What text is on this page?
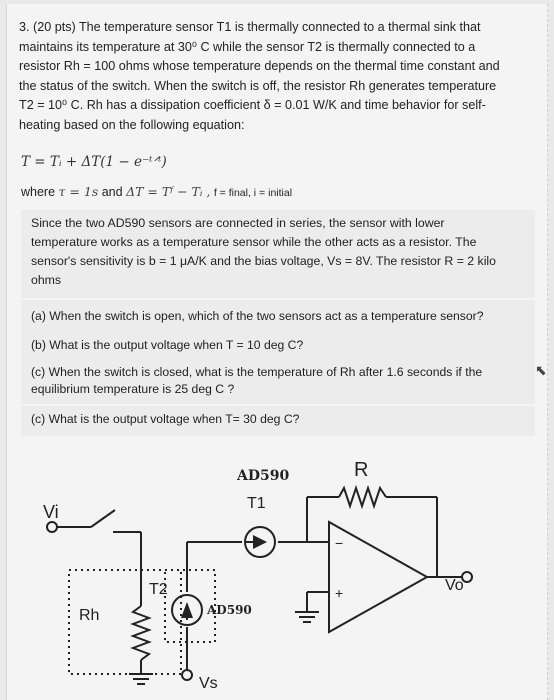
3. (20 pts) The temperature sensor T1 is thermally connected to a thermal sink that
maintains its temperature at 30⁰ C while the sensor T2 is thermally connected to a
resistor Rh = 100 ohms whose temperature depends on the thermal time constant and
the status of the switch. When the switch is off, the resistor Rh generates temperature
T2 = 10⁰ C. Rh has a dissipation coefficient δ = 0.01 W/K and time behavior for self-
heating based on the following equation:
T = Tᵢ + ΔT(1 − e⁻ᵗᐟᵗ)
where τ = 1s and ΔT = Tᶠ − Tᵢ , f = final, i = initial
Since the two AD590 sensors are connected in series, the sensor with lower
temperature works as a temperature sensor while the other acts as a resistor. The
sensor's sensitivity is b = 1 μA/K and the bias voltage, Vs = 8V. The resistor R = 2 kilo
ohms
(a) When the switch is open, which of the two sensors act as a temperature sensor?
(b) What is the output voltage when T = 10 deg C?
(c) When the switch is closed, what is the temperature of Rh after 1.6 seconds if the
equilibrium temperature is 25 deg C ?
(c) What is the output voltage when T= 30 deg C?
AD590
T1
R
Vi
T2
Rh	AD590
Vs
Vo
−
+
⬉
